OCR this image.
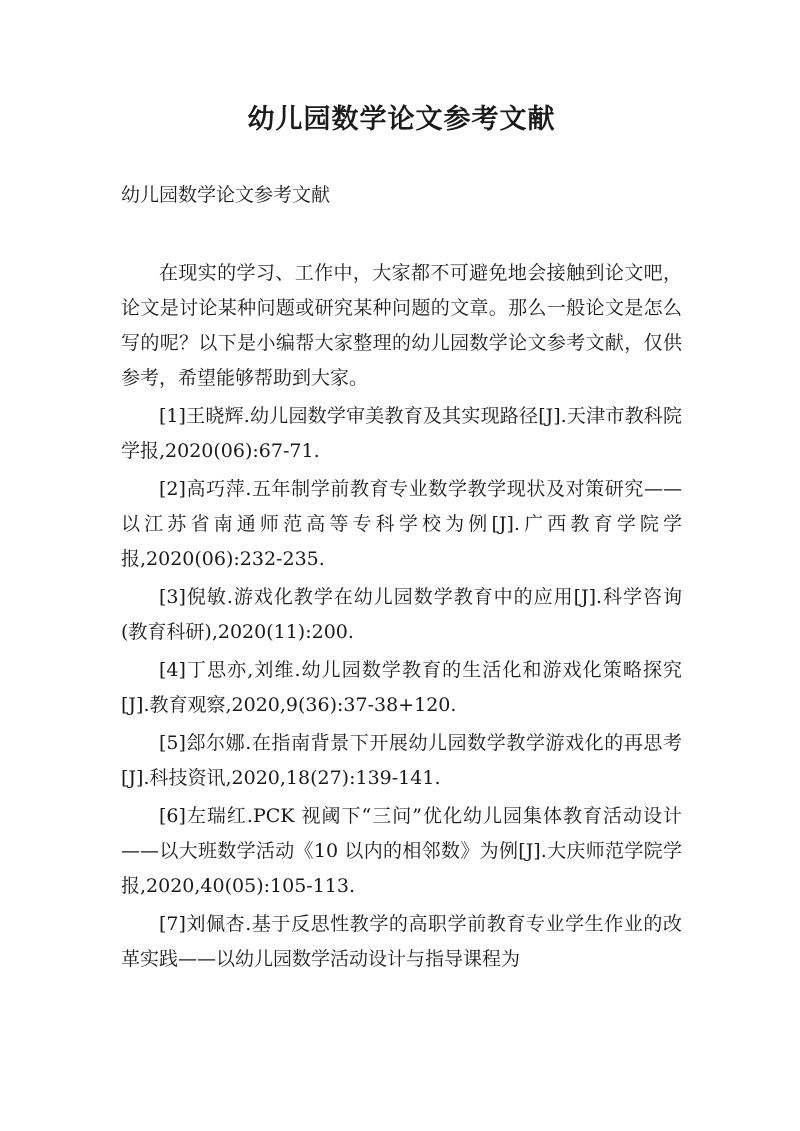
幼儿园数学论文参考文献

幼儿园数学论文参考文献

在现实的学习、工作中，大家都不可避免地会接触到论文吧，论文是讨论某种问题或研究某种问题的文章。那么一般论文是怎么写的呢？以下是小编帮大家整理的幼儿园数学论文参考文献，仅供参考，希望能够帮助到大家。

[1]王晓辉.幼儿园数学审美教育及其实现路径[J].天津市教科院学报,2020(06):67-71.
[2]高巧萍.五年制学前教育专业数学教学现状及对策研究——以江苏省南通师范高等专科学校为例[J].广西教育学院学报,2020(06):232-235.
[3]倪敏.游戏化教学在幼儿园数学教育中的应用[J].科学咨询(教育科研),2020(11):200.
[4]丁思亦,刘维.幼儿园数学教育的生活化和游戏化策略探究[J].教育观察,2020,9(36):37-38+120.
[5]郐尔娜.在指南背景下开展幼儿园数学教学游戏化的再思考[J].科技资讯,2020,18(27):139-141.
[6]左瑞红.PCK 视阈下“三问”优化幼儿园集体教育活动设计——以大班数学活动《10 以内的相邻数》为例[J].大庆师范学院学报,2020,40(05):105-113.
[7]刘佩杏.基于反思性教学的高职学前教育专业学生作业的改革实践——以幼儿园数学活动设计与指导课程为
